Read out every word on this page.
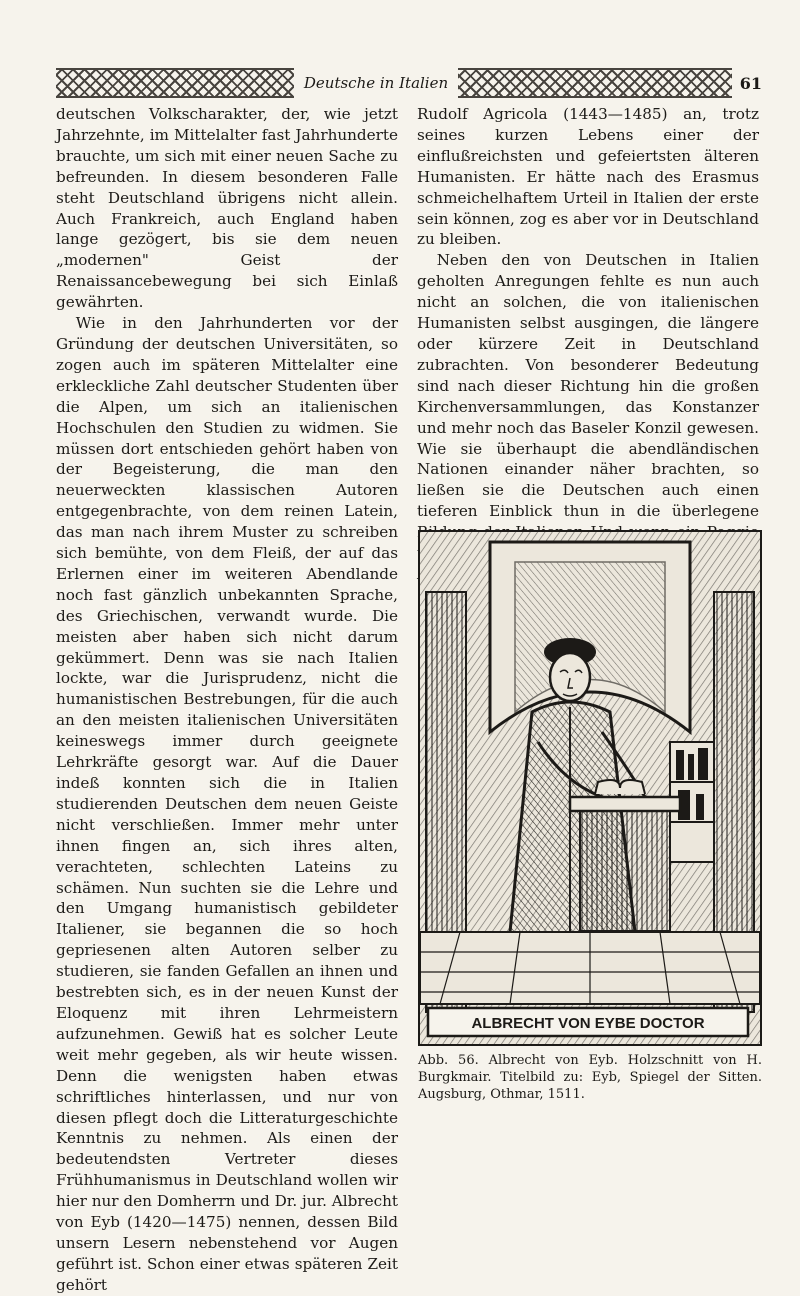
Deutsche in Italien	61

deutschen Volkscharakter, der, wie jetzt Jahrzehnte, im Mittelalter fast Jahrhunderte brauchte, um sich mit einer neuen Sache zu befreunden. In diesem besonderen Falle steht Deutschland übrigens nicht allein. Auch Frankreich, auch England haben lange gezögert, bis sie dem neuen „modernen" Geist der Renaissancebewegung bei sich Einlaß gewährten.

Wie in den Jahrhunderten vor der Gründung der deutschen Universitäten, so zogen auch im späteren Mittelalter eine erkleckliche Zahl deutscher Studenten über die Alpen, um sich an italienischen Hochschulen den Studien zu widmen. Sie müssen dort entschieden gehört haben von der Begeisterung, die man den neuerweckten klassischen Autoren entgegenbrachte, von dem reinen Latein, das man nach ihrem Muster zu schreiben sich bemühte, von dem Fleiß, der auf das Erlernen einer im weiteren Abendlande noch fast gänzlich unbekannten Sprache, des Griechischen, verwandt wurde. Die meisten aber haben sich nicht darum gekümmert. Denn was sie nach Italien lockte, war die Jurisprudenz, nicht die humanistischen Bestrebungen, für die auch an den meisten italienischen Universitäten keineswegs immer durch geeignete Lehrkräfte gesorgt war. Auf die Dauer indeß konnten sich die in Italien studierenden Deutschen dem neuen Geiste nicht verschließen. Immer mehr unter ihnen fingen an, sich ihres alten, verachteten, schlechten Lateins zu schämen. Nun suchten sie die Lehre und den Umgang humanistisch gebildeter Italiener, sie begannen die so hoch gepriesenen alten Autoren selber zu studieren, sie fanden Gefallen an ihnen und bestrebten sich, es in der neuen Kunst der Eloquenz mit ihren Lehrmeistern aufzunehmen. Gewiß hat es solcher Leute weit mehr gegeben, als wir heute wissen. Denn die wenigsten haben etwas schriftliches hinterlassen, und nur von diesen pflegt doch die Litteraturgeschichte Kenntnis zu nehmen. Als einen der bedeutendsten Vertreter dieses Frühhumanismus in Deutschland wollen wir hier nur den Domherrn und Dr. jur. Albrecht von Eyb (1420—1475) nennen, dessen Bild unsern Lesern nebenstehend vor Augen geführt ist. Schon einer etwas späteren Zeit gehört

Rudolf Agricola (1443—1485) an, trotz seines kurzen Lebens einer der einflußreichsten und gefeiertsten älteren Humanisten. Er hätte nach des Erasmus schmeichelhaftem Urteil in Italien der erste sein können, zog es aber vor in Deutschland zu bleiben.

Neben den von Deutschen in Italien geholten Anregungen fehlte es nun auch nicht an solchen, die von italienischen Humanisten selbst ausgingen, die längere oder kürzere Zeit in Deutschland zubrachten. Von besonderer Bedeutung sind nach dieser Richtung hin die großen Kirchenversammlungen, das Konstanzer und mehr noch das Baseler Konzil gewesen. Wie sie überhaupt die abendländischen Nationen einander näher brachten, so ließen sie die Deutschen auch einen tieferen Einblick thun in die überlegene

ALBRECHT VON EYBE DOCTOR
Abb. 56. Albrecht von Eyb. Holzschnitt von H. Burgkmair. Titelbild zu: Eyb, Spiegel der Sitten. Augsburg, Othmar, 1511.
